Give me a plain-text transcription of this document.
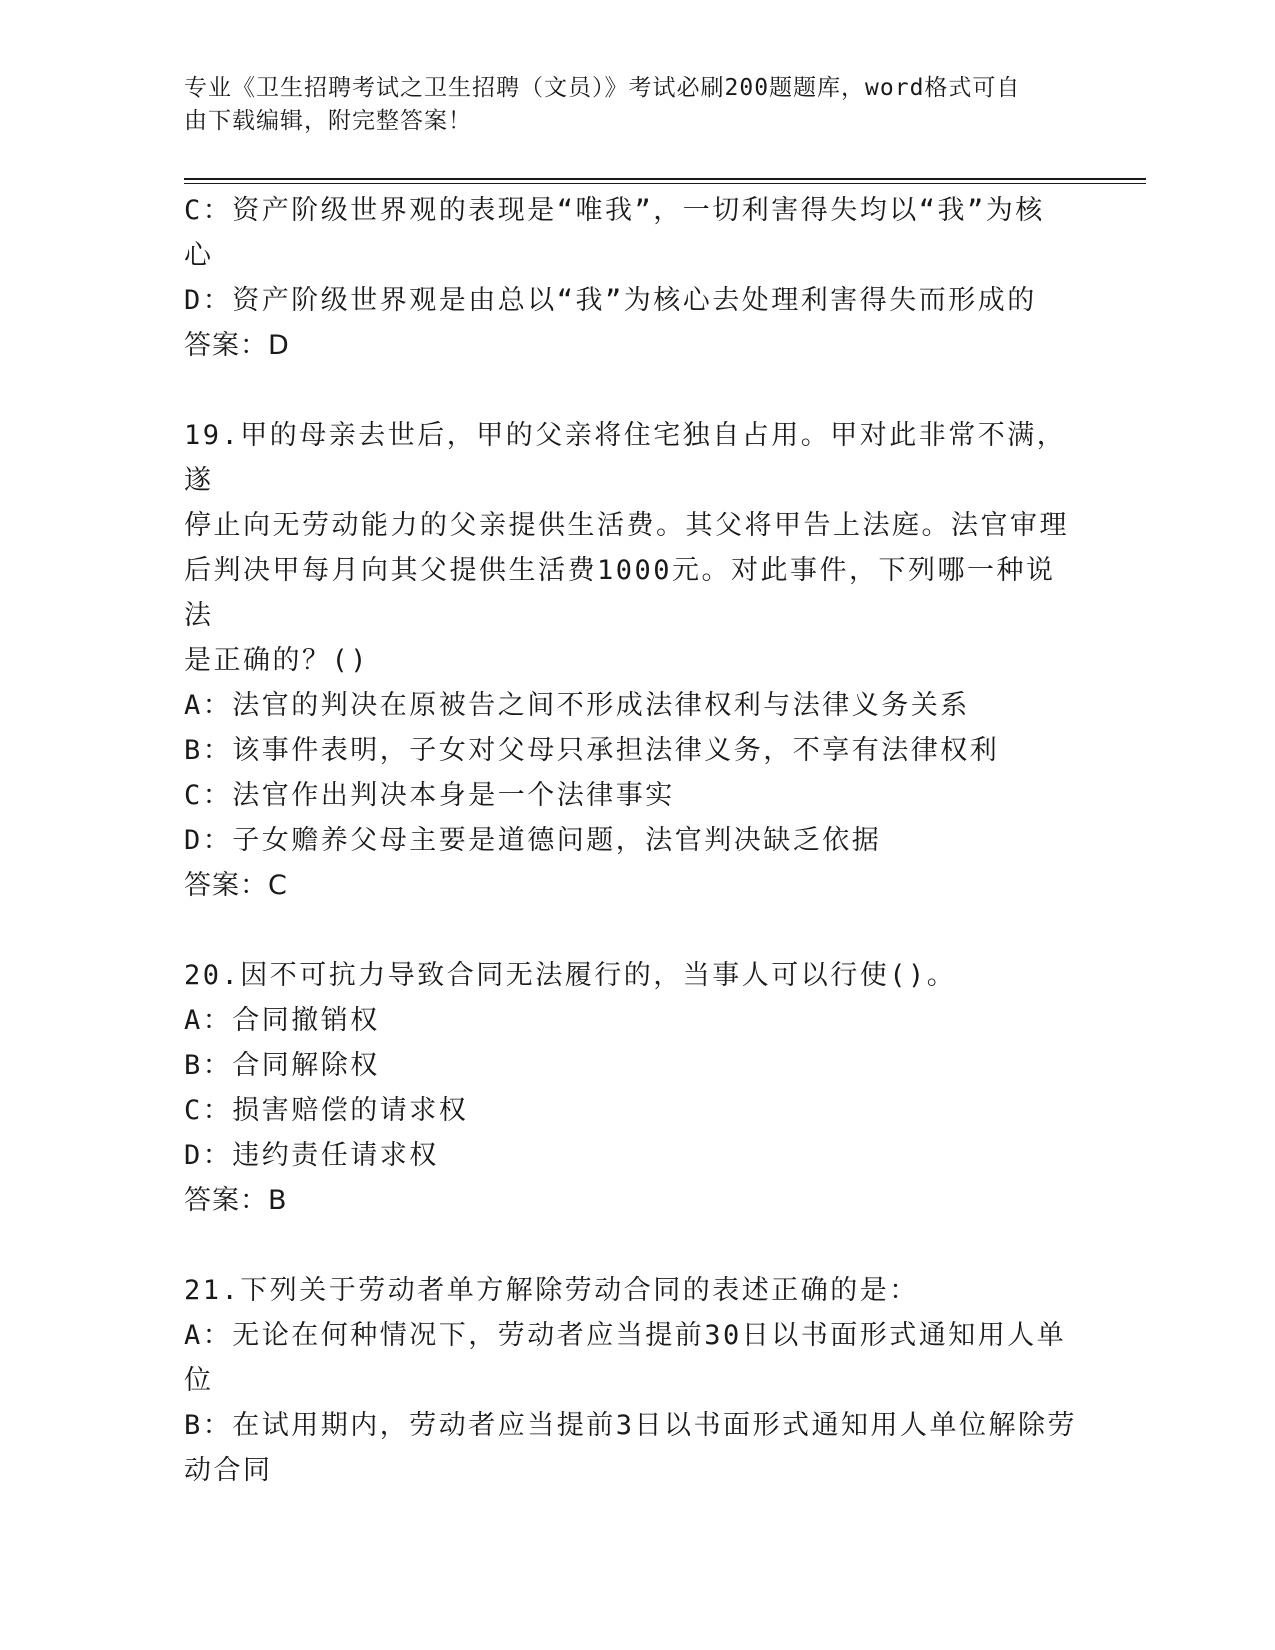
专业《卫生招聘考试之卫生招聘（文员）》考试必刷200题题库，word格式可自
由下载编辑，附完整答案！
C：资产阶级世界观的表现是“唯我”，一切利害得失均以“我”为核
心
D：资产阶级世界观是由总以“我”为核心去处理利害得失而形成的
答案：D
19.甲的母亲去世后，甲的父亲将住宅独自占用。甲对此非常不满，遂
停止向无劳动能力的父亲提供生活费。其父将甲告上法庭。法官审理
后判决甲每月向其父提供生活费1000元。对此事件，下列哪一种说法
是正确的？()
A：法官的判决在原被告之间不形成法律权利与法律义务关系
B：该事件表明，子女对父母只承担法律义务，不享有法律权利
C：法官作出判决本身是一个法律事实
D：子女赡养父母主要是道德问题，法官判决缺乏依据
答案：C
20.因不可抗力导致合同无法履行的，当事人可以行使()。
A：合同撤销权
B：合同解除权
C：损害赔偿的请求权
D：违约责任请求权
答案：B
21.下列关于劳动者单方解除劳动合同的表述正确的是：
A：无论在何种情况下，劳动者应当提前30日以书面形式通知用人单
位
B：在试用期内，劳动者应当提前3日以书面形式通知用人单位解除劳
动合同
